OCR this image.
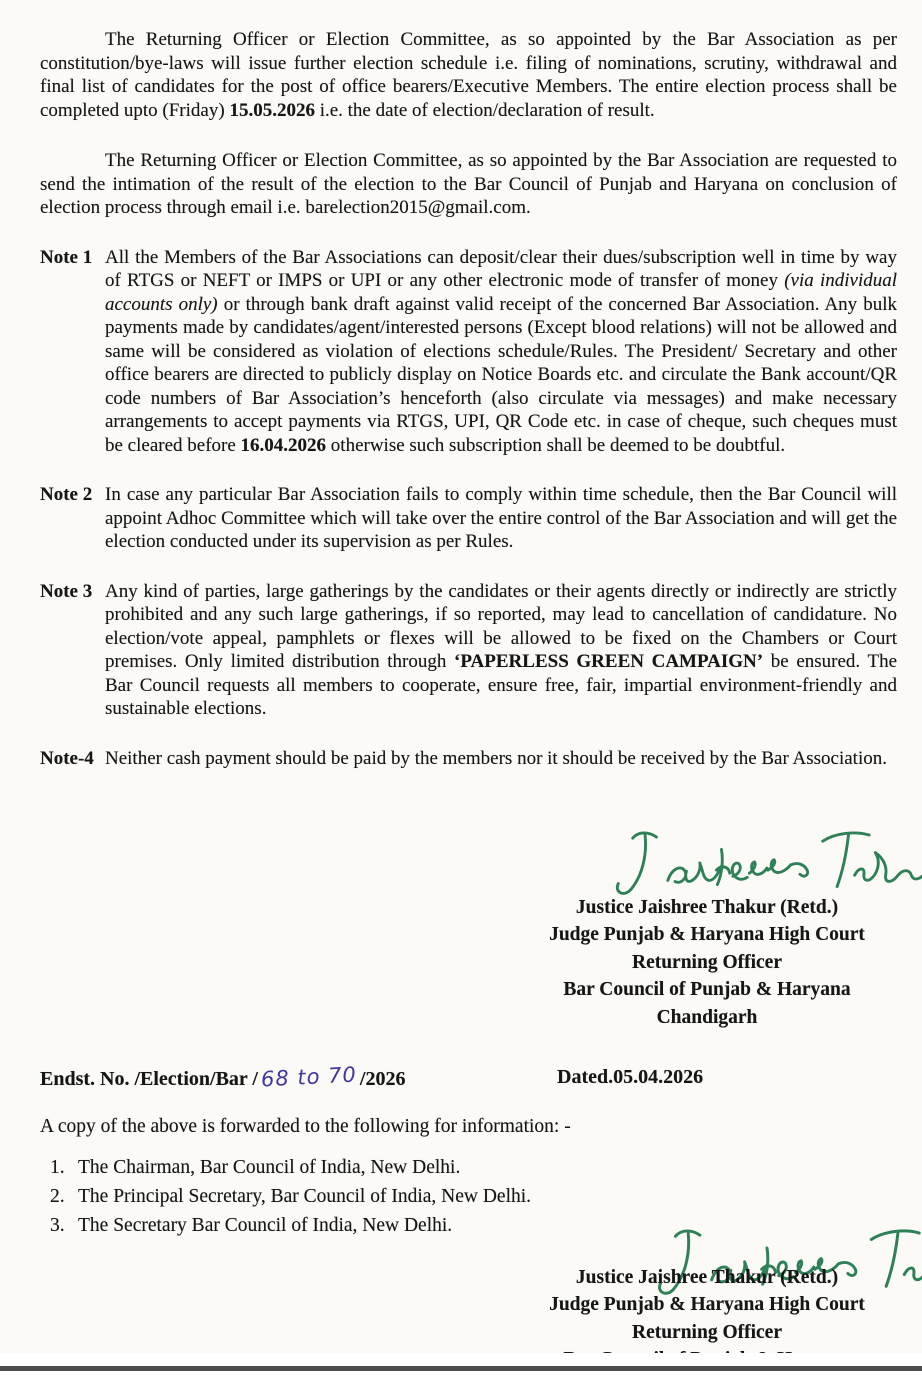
The Returning Officer or Election Committee, as so appointed by the Bar Association as per constitution/bye-laws will issue further election schedule i.e. filing of nominations, scrutiny, withdrawal and final list of candidates for the post of office bearers/Executive Members. The entire election process shall be completed upto (Friday) 15.05.2026 i.e. the date of election/declaration of result.

The Returning Officer or Election Committee, as so appointed by the Bar Association are requested to send the intimation of the result of the election to the Bar Council of Punjab and Haryana on conclusion of election process through email i.e. barelection2015@gmail.com.

Note 1 All the Members of the Bar Associations can deposit/clear their dues/subscription well in time by way of RTGS or NEFT or IMPS or UPI or any other electronic mode of transfer of money (via individual accounts only) or through bank draft against valid receipt of the concerned Bar Association. Any bulk payments made by candidates/agent/interested persons (Except blood relations) will not be allowed and same will be considered as violation of elections schedule/Rules. The President/ Secretary and other office bearers are directed to publicly display on Notice Boards etc. and circulate the Bank account/QR code numbers of Bar Association’s henceforth (also circulate via messages) and make necessary arrangements to accept payments via RTGS, UPI, QR Code etc. in case of cheque, such cheques must be cleared before 16.04.2026 otherwise such subscription shall be deemed to be doubtful.
Note 2 In case any particular Bar Association fails to comply within time schedule, then the Bar Council will appoint Adhoc Committee which will take over the entire control of the Bar Association and will get the election conducted under its supervision as per Rules.
Note 3 Any kind of parties, large gatherings by the candidates or their agents directly or indirectly are strictly prohibited and any such large gatherings, if so reported, may lead to cancellation of candidature. No election/vote appeal, pamphlets or flexes will be allowed to be fixed on the Chambers or Court premises. Only limited distribution through ‘PAPERLESS GREEN CAMPAIGN’ be ensured. The Bar Council requests all members to cooperate, ensure free, fair, impartial environment-friendly and sustainable elections.
Note-4 Neither cash payment should be paid by the members nor it should be received by the Bar Association.
Justice Jaishree Thakur (Retd.)
Judge Punjab & Haryana High Court
Returning Officer
Bar Council of Punjab & Haryana
Chandigarh
Endst. No. /Election/Bar / 68 to 70 /2026	Dated.05.04.2026
A copy of the above is forwarded to the following for information: -
1. The Chairman, Bar Council of India, New Delhi.
2. The Principal Secretary, Bar Council of India, New Delhi.
3. The Secretary Bar Council of India, New Delhi.
Justice Jaishree Thakur (Retd.)
Judge Punjab & Haryana High Court
Returning Officer
